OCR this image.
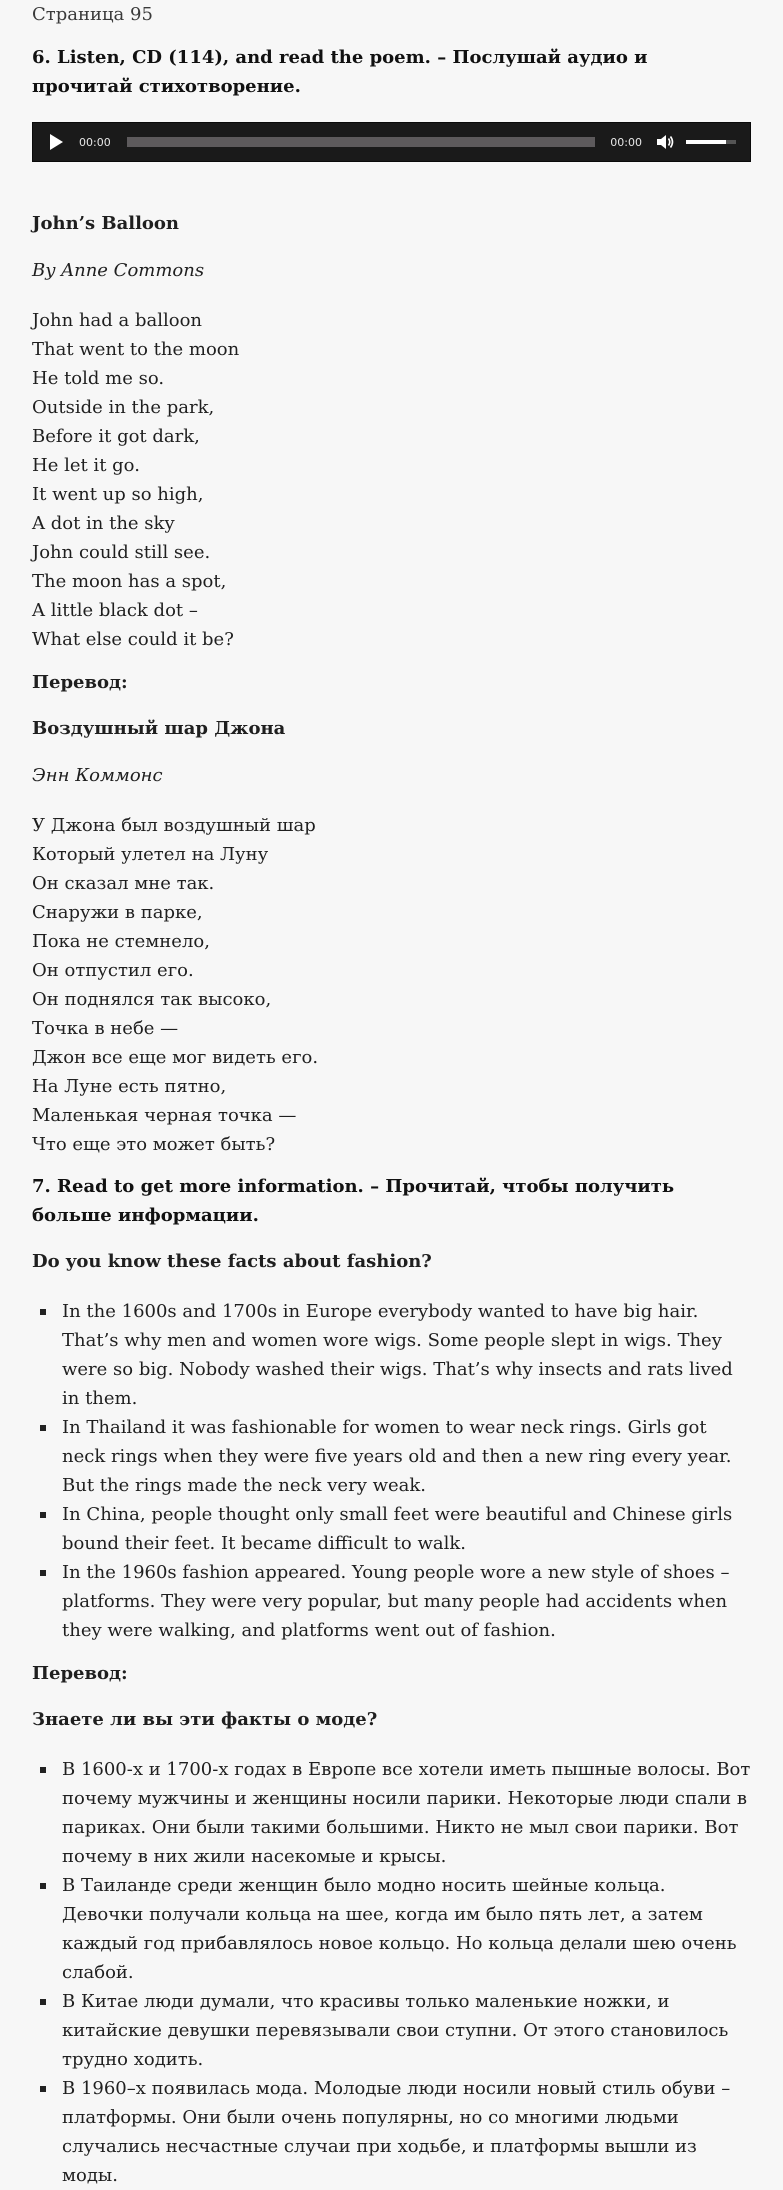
Страница 95
6. Listen, CD (114), and read the poem. – Послушай аудио и прочитай стихотворение.
00:00	00:00
John’s Balloon
By Anne Commons
John had a balloon
That went to the moon
He told me so.
Outside in the park,
Before it got dark,
He let it go.
It went up so high,
A dot in the sky
John could still see.
The moon has a spot,
A little black dot –
What else could it be?
Перевод:
Воздушный шар Джона
Энн Коммонс
У Джона был воздушный шар
Который улетел на Луну
Он сказал мне так.
Снаружи в парке,
Пока не стемнело,
Он отпустил его.
Он поднялся так высоко,
Точка в небе —
Джон все еще мог видеть его.
На Луне есть пятно,
Маленькая черная точка —
Что еще это может быть?
7. Read to get more information. – Прочитай, чтобы получить больше информации.
Do you know these facts about fashion?
In the 1600s and 1700s in Europe everybody wanted to have big hair. That’s why men and women wore wigs. Some people slept in wigs. They were so big. Nobody washed their wigs. That’s why insects and rats lived in them.
In Thailand it was fashionable for women to wear neck rings. Girls got neck rings when they were five years old and then a new ring every year. But the rings made the neck very weak.
In China, people thought only small feet were beautiful and Chinese girls bound their feet. It became difficult to walk.
In the 1960s fashion appeared. Young people wore a new style of shoes – platforms. They were very popular, but many people had accidents when they were walking, and platforms went out of fashion.
Перевод:
Знаете ли вы эти факты о моде?
В 1600-х и 1700-х годах в Европе все хотели иметь пышные волосы. Вот почему мужчины и женщины носили парики. Некоторые люди спали в париках. Они были такими большими. Никто не мыл свои парики. Вот почему в них жили насекомые и крысы.
В Таиланде среди женщин было модно носить шейные кольца. Девочки получали кольца на шее, когда им было пять лет, а затем каждый год прибавлялось новое кольцо. Но кольца делали шею очень слабой.
В Китае люди думали, что красивы только маленькие ножки, и китайские девушки перевязывали свои ступни. От этого становилось трудно ходить.
В 1960–х появилась мода. Молодые люди носили новый стиль обуви – платформы. Они были очень популярны, но со многими людьми случались несчастные случаи при ходьбе, и платформы вышли из моды.
